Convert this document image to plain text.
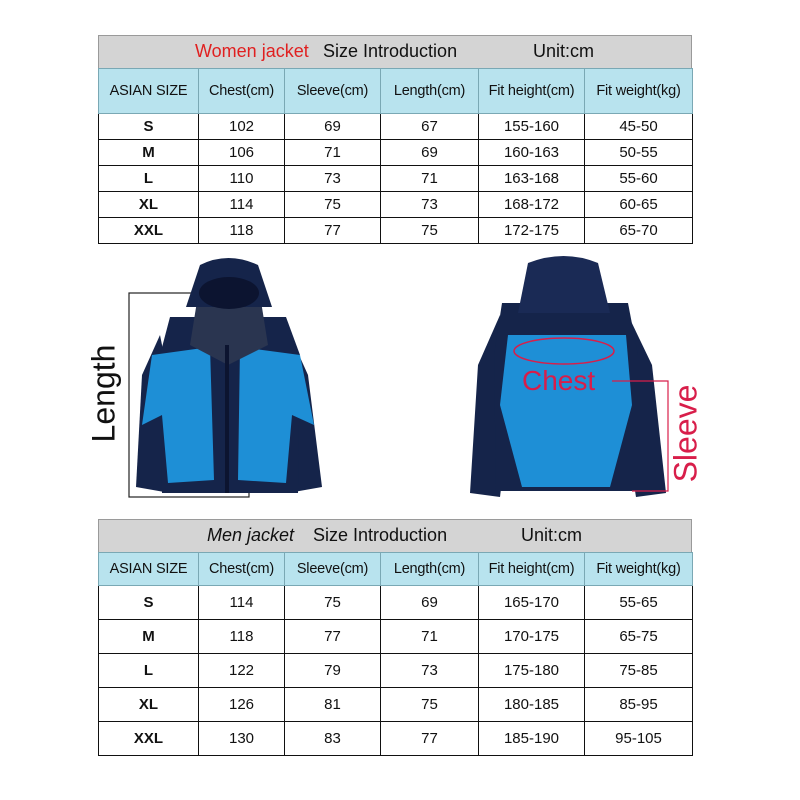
Women jacket Size Introduction	Unit:cm
ASIAN SIZE	Chest(cm)	Sleeve(cm)	Length(cm)	Fit height(cm)	Fit weight(kg)
S	102	69	67	155-160	45-50
M	106	71	69	160-163	50-55
L	110	73	71	163-168	55-60
XL	114	75	73	168-172	60-65
XXL	118	77	75	172-175	65-70
Length	Chest
Sleeve
Men jacket Size Introduction	Unit:cm
ASIAN SIZE	Chest(cm)	Sleeve(cm)	Length(cm)	Fit height(cm)	Fit weight(kg)
S	114	75	69	165-170	55-65
M	118	77	71	170-175	65-75
L	122	79	73	175-180	75-85
XL	126	81	75	180-185	85-95
XXL	130	83	77	185-190	95-105
